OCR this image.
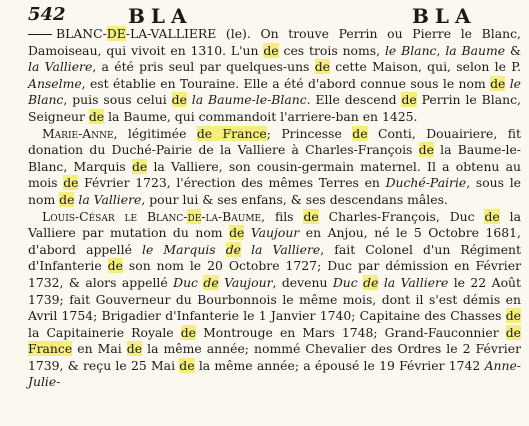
542	BLA	BLA

BLANC-DE-LA-VALLIERE (le). On trouve Perrin ou Pierre le Blanc, Damoiseau, qui vivoit en 1310. L'un de ces trois noms, le Blanc, la Baume & la Valliere, a été pris seul par quelques-uns de cette Maison, qui, selon le P. Anselme, est établie en Touraine. Elle a été d'abord connue sous le nom de le Blanc, puis sous celui de la Baume-le-Blanc. Elle descend de Perrin le Blanc, Seigneur de la Baume, qui commandoit l'arriere-ban en 1425.

Marie-Anne, légitimée de France; Princesse de Conti, Douairiere, fit donation du Duché-Pairie de la Valliere à Charles-François de la Baume-le-Blanc, Marquis de la Valliere, son cousin-germain maternel. Il a obtenu au mois de Février 1723, l'érection des mêmes Terres en Duché-Pairie, sous le nom de la Valliere, pour lui & ses enfans, & ses descendans mâles.

Louis-César le Blanc-de-la-Baume, fils de Charles-François, Duc de la Valliere par mutation du nom de Vaujour en Anjou, né le 5 Octobre 1681, d'abord appellé le Marquis de la Valliere, fait Colonel d'un Régiment d'Infanterie de son nom le 20 Octobre 1727; Duc par démission en Février 1732, & alors appellé Duc de Vaujour, devenu Duc de la Valliere le 22 Août 1739; fait Gouverneur du Bourbonnois le même mois, dont il s'est démis en Avril 1754; Brigadier d'Infanterie le 1 Janvier 1740; Capitaine des Chasses de la Capitainerie Royale de Montrouge en Mars 1748; Grand-Fauconnier de France en Mai de la même année; nommé Chevalier des Ordres le 2 Février 1739, & reçu le 25 Mai de la même année; a épousé le 19 Février 1742 Anne-Julie-
